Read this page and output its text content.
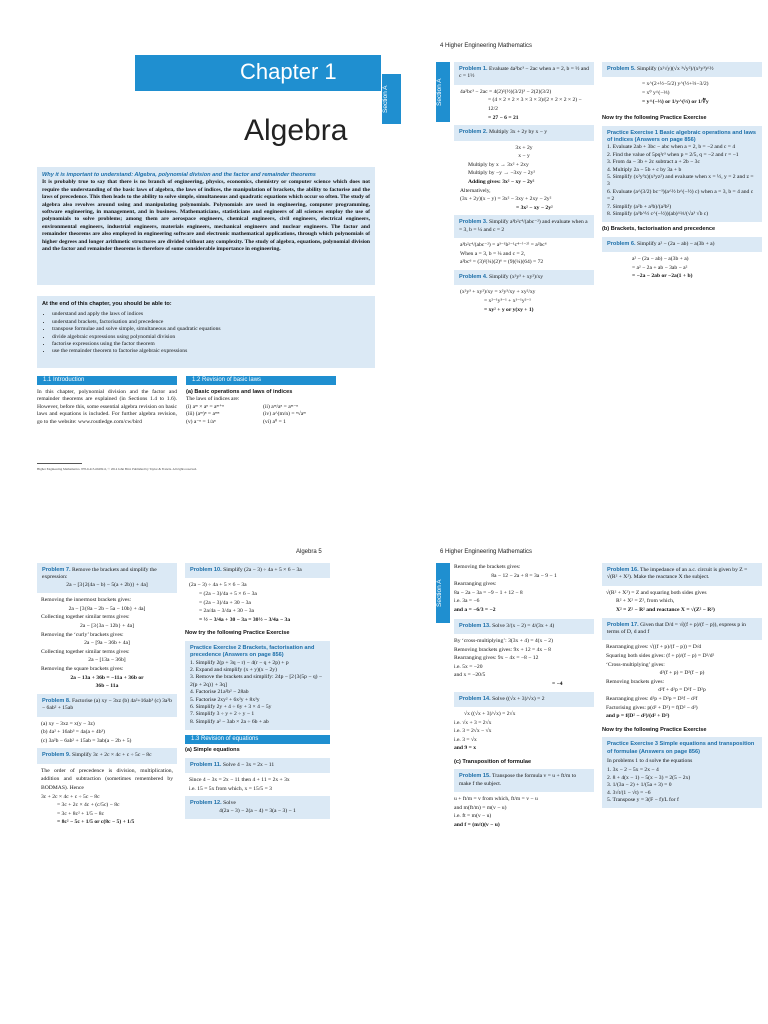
Chapter 1
Algebra
Section A
Why it is important to understand: Algebra, polynomial division and the factor and remainder theorems
It is probably true to say that there is no branch of engineering, physics, economics, chemistry or computer science which does not require the understanding of the basic laws of algebra, the laws of indices, the manipulation of brackets, the ability to factorise and the laws of precedence. This then leads to the ability to solve simple, simultaneous and quadratic equations which occur so often. The study of algebra also revolves around using and manipulating polynomials. Polynomials are used in engineering, computer programming, software engineering, in management, and in business. Mathematicians, statisticians and engineers of all sciences employ the use of polynomials to solve problems; among them are aerospace engineers, chemical engineers, civil engineers, electrical engineers, environmental engineers, industrial engineers, materials engineers, mechanical engineers and nuclear engineers. The factor and remainder theorems are also employed in engineering software and electronic mathematical applications, through which polynomials of higher degrees and longer arithmetic structures are divided without any complexity. The study of algebra, equations, polynomial division and the factor and remainder theorems is therefore of some considerable importance in engineering.
At the end of this chapter, you should be able to:
• understand and apply the laws of indices
• understand brackets, factorisation and precedence
• transpose formulae and solve simple, simultaneous and quadratic equations
• divide algebraic expressions using polynomial division
• factorise expressions using the factor theorem
• use the remainder theorem to factorise algebraic expressions
1.1 Introduction
In this chapter, polynomial division and the factor and remainder theorems are explained (in Sections 1.4 to 1.6). However, before this, some essential algebra revision on basic laws and equations is included. For further algebra revision, go to the website: www.routledge.com/cw/bird
1.2 Revision of basic laws
(a) Basic operations and laws of indices
The laws of indices are:
(i) aᵐ × aⁿ = aᵐ⁺ⁿ	(ii) aᵐ/aⁿ = aᵐ⁻ⁿ
(iii) (aᵐ)ⁿ = aᵐⁿ	(iv) a^(m/n) = ⁿ√aᵐ
(v) a⁻ⁿ = 1/aⁿ	(vi) a⁰ = 1
Higher Engineering Mathematics. 978-0-415-66282-6, © 2014 John Bird. Published by Taylor & Francis. All rights reserved.
4 Higher Engineering Mathematics
Section A
Problem 1. Evaluate 4a²bc³ − 2ac when a = 2, b = ½ and c = 1½
4a²bc³ − 2ac = 4(2)²(½)(3/2)³ − 2(2)(3/2)
= (4 × 2 × 2 × 3 × 3 × 3)/(2 × 2 × 2 × 2) − 12/2
= 27 − 6 = 21
Problem 2. Multiply 3x + 2y by x − y
3x + 2y
x − y
Multiply by x → 3x² + 2xy
Multiply by −y → −3xy − 2y²
Adding gives: 3x² − xy − 2y²
Alternatively,
(3x + 2y)(x − y) = 3x² − 3xy + 2xy − 2y²
= 3x² − xy − 2y²
Problem 3. Simplify a³b²c⁴/(abc⁻²) and evaluate when a = 3, b = ¼ and c = 2
a³b²c⁴/(abc⁻²) = a³⁻¹b²⁻¹c⁴⁻⁽⁻²⁾ = a²bc⁶
When a = 3, b = ¼ and c = 2,
a²bc⁶ = (3)²(¼)(2)⁶ = (9)(¼)(64) = 72
Problem 4. Simplify (x²y³ + xy²)/xy
(x²y³ + xy²)/xy = x²y³/xy + xy²/xy
= x²⁻¹y³⁻¹ + x¹⁻¹y²⁻¹
= xy² + y or y(xy + 1)
Problem 5. Simplify (x²√y)(√x ³√y²)/(x⁵y³)^½
= x^(2+½−5/2) y^(½+⅔−3/2)
= x⁰ y^(−⅓)
= y^(−⅓) or 1/y^(⅓) or 1/∛y
Now try the following Practice Exercise
Practice Exercise 1 Basic algebraic operations and laws of indices (Answers on page 856)
1. Evaluate 2ab + 3bc − abc when a = 2, b = −2 and c = 4
2. Find the value of 5pq²r³ when p = 2/5, q = −2 and r = −1
3. From 4a − 3b + 2c subtract a + 2b − 3c
4. Multiply 2a − 5b + c by 3a + b
5. Simplify (x²y³z)(x³yz²) and evaluate when x = ½, y = 2 and z = 3
6. Evaluate (a^(3/2) bc⁻³)(a^½ b^(−½) c) when a = 3, b = 4 and c = 2
7. Simplify (a²b + a³b)/(a²b²)
8. Simplify (a³b^½ c^(−½))(ab)^⅓/(√a³ √b c)
(b) Brackets, factorisation and precedence
Problem 6. Simplify a² − (2a − ab) − a(3b + a)
a² − (2a − ab) − a(3b + a)
= a² − 2a + ab − 3ab − a²
= −2a − 2ab or −2a(1 + b)
Algebra 5
Problem 7. Remove the brackets and simplify the expression:
2a − [3{2(4a − b) − 5(a + 2b)} + 4a]
Removing the innermost brackets gives:
2a − [3{8a − 2b − 5a − 10b} + 4a]
Collecting together similar terms gives:
2a − [3{3a − 12b} + 4a]
Removing the ‘curly’ brackets gives:
2a − [9a − 36b + 4a]
Collecting together similar terms gives:
2a − [13a − 36b]
Removing the square brackets gives:
2a − 13a + 36b = −11a + 36b or
36b − 11a
Problem 8. Factorise (a) xy − 3xz (b) 4a²+16ab³ (c) 3a²b − 6ab² + 15ab
(a) xy − 3xz = x(y − 3z)
(b) 4a² + 16ab³ = 4a(a + 4b³)
(c) 3a²b − 6ab² + 15ab = 3ab(a − 2b + 5)
Problem 9. Simplify 3c + 2c × 4c + c ÷ 5c − 8c
The order of precedence is division, multiplication, addition and subtraction (sometimes remembered by BODMAS). Hence
3c + 2c × 4c + c ÷ 5c − 8c
= 3c + 2c × 4c + (c/5c) − 8c
= 3c + 8c² + 1/5 − 8c
= 8c² − 5c + 1/5 or c(8c − 5) + 1/5
Problem 10. Simplify (2a − 3) ÷ 4a + 5 × 6 − 3a
(2a − 3) ÷ 4a + 5 × 6 − 3a
= (2a − 3)/4a + 5 × 6 − 3a
= (2a − 3)/4a + 30 − 3a
= 2a/4a − 3/4a + 30 − 3a
= ½ − 3/4a + 30 − 3a = 30½ − 3/4a − 3a
Now try the following Practice Exercise
Practice Exercise 2 Brackets, factorisation and precedence (Answers on page 856)
1. Simplify 2(p + 3q − r) − 4(r − q + 2p) + p
2. Expand and simplify (x + y)(x − 2y)
3. Remove the brackets and simplify: 24p − [2{3(5p − q) − 2(p + 2q)} + 3q]
4. Factorise 21a²b² − 28ab
5. Factorise 2xy² + 6x²y + 8x³y
6. Simplify 2y + 4 ÷ 6y + 3 × 4 − 5y
7. Simplify 3 ÷ y + 2 ÷ y − 1
8. Simplify a² − 3ab × 2a ÷ 6b + ab
1.3 Revision of equations
(a) Simple equations
Problem 11. Solve 4 − 3x = 2x − 11
Since 4 − 3x = 2x − 11 then 4 + 11 = 2x + 3x
i.e. 15 = 5x from which, x = 15/5 = 3
Problem 12. Solve
4(2a − 3) − 2(a − 4) = 3(a − 3) − 1
6 Higher Engineering Mathematics
Section A
Removing the brackets gives:
8a − 12 − 2a + 8 = 3a − 9 − 1
Rearranging gives:
8a − 2a − 3a = −9 − 1 + 12 − 8
i.e. 3a = −6
and a = −6/3 = −2
Problem 13. Solve 3/(x − 2) = 4/(3x + 4)
By ‘cross-multiplying’: 3(3x + 4) = 4(x − 2)
Removing brackets gives: 9x + 12 = 4x − 8
Rearranging gives: 9x − 4x = −8 − 12
i.e. 5x = −20
and x = −20/5
= −4
Problem 14. Solve ((√x + 3)/√x) = 2
√x ((√x + 3)/√x) = 2√x
i.e. √x + 3 = 2√x
i.e. 3 = 2√x − √x
i.e. 3 = √x
and 9 = x
(c) Transposition of formulae
Problem 15. Transpose the formula v = u + ft/m to make f the subject.
u + ft/m = v from which, ft/m = v − u
and m(ft/m) = m(v − u)
i.e. ft = m(v − u)
and f = (m/t)(v − u)
Problem 16. The impedance of an a.c. circuit is given by Z = √(R² + X²). Make the reactance X the subject.
√(R² + X²) = Z and squaring both sides gives
R² + X² = Z², from which,
X² = Z² − R² and reactance X = √(Z² − R²)
Problem 17. Given that D/d = √((f + p)/(f − p)), express p in terms of D, d and f
Rearranging gives: √((f + p)/(f − p)) = D/d
Squaring both sides gives: (f + p)/(f − p) = D²/d²
‘Cross-multiplying’ gives:
d²(f + p) = D²(f − p)
Removing brackets gives:
d²f + d²p = D²f − D²p
Rearranging gives: d²p + D²p = D²f − d²f
Factorising gives: p(d² + D²) = f(D² − d²)
and p = f(D² − d²)/(d² + D²)
Now try the following Practice Exercise
Practice Exercise 3 Simple equations and transposition of formulae (Answers on page 856)
In problems 1 to 4 solve the equations
1. 3x − 2 − 5x = 2x − 4
2. 8 + 4(x − 1) − 5(x − 3) = 2(5 − 2x)
3. 1/(3a − 2) + 1/(5a + 3) = 0
4. 3√t/(1 − √t) = −6
5. Transpose y = 3(F − f)/L for f
